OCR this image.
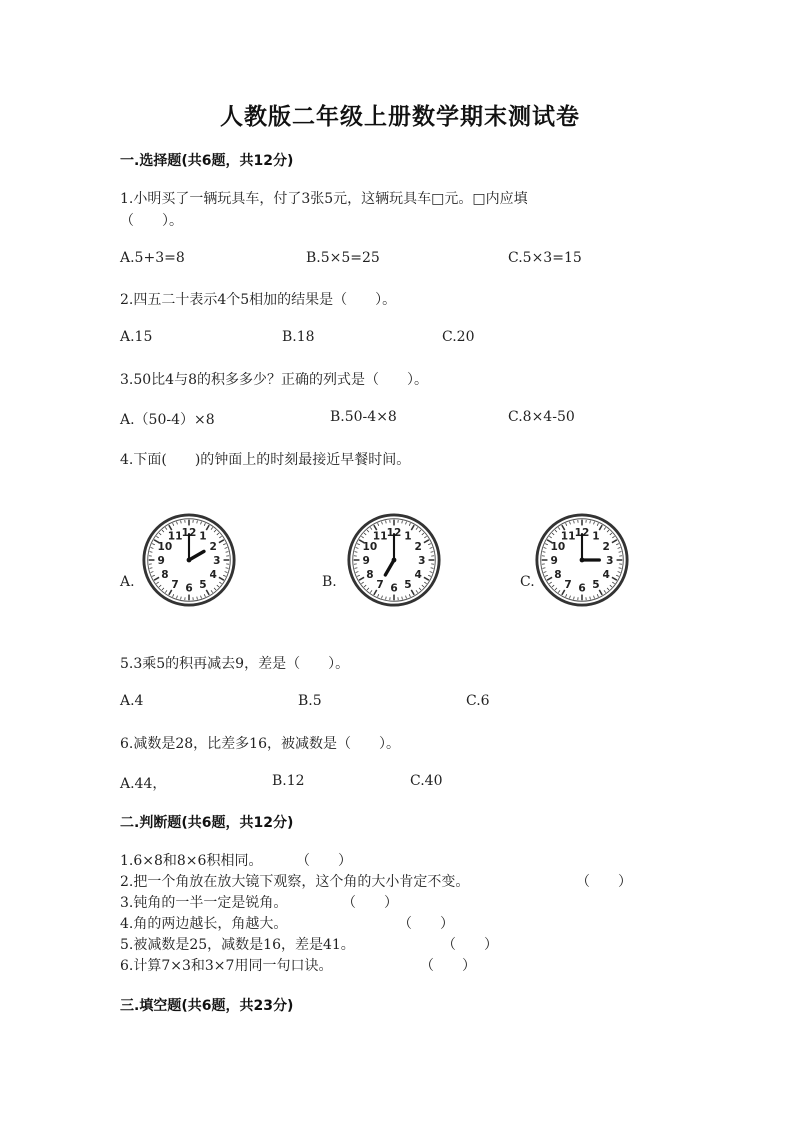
人教版二年级上册数学期末测试卷
一.选择题(共6题，共12分)
1.小明买了一辆玩具车，付了3张5元，这辆玩具车□元。□内应填
（　　）。
A.5+3=8	B.5×5=25	C.5×3=15
2.四五二十表示4个5相加的结果是（　　）。
A.15	B.18	C.20
3.50比4与8的积多多少？正确的列式是（　　）。
A.（50-4）×8	B.50-4×8	C.8×4-50
4.下面(　　)的钟面上的时刻最接近早餐时间。
A.	B.	C.
1
2
3
4
5
6
7
8
9
10
11 12	1
2
3
4
5
6
7
8
9
10
11 12	1
2
3
4
5
6
7
8
9
10
11 12
5.3乘5的积再减去9，差是（　　）。
A.4	B.5	C.6
6.减数是28，比差多16，被减数是（　　）。
A.44，	B.12	C.40
二.判断题(共6题，共12分)
1.6×8和8×6积相同。 （　　）
2.把一个角放在放大镜下观察，这个角的大小肯定不变。	（　　）
3.钝角的一半一定是锐角。	（　　）
4.角的两边越长，角越大。	（　　）
5.被减数是25，减数是16，差是41。	（　　）
6.计算7×3和3×7用同一句口诀。	（　　）
三.填空题(共6题，共23分)
